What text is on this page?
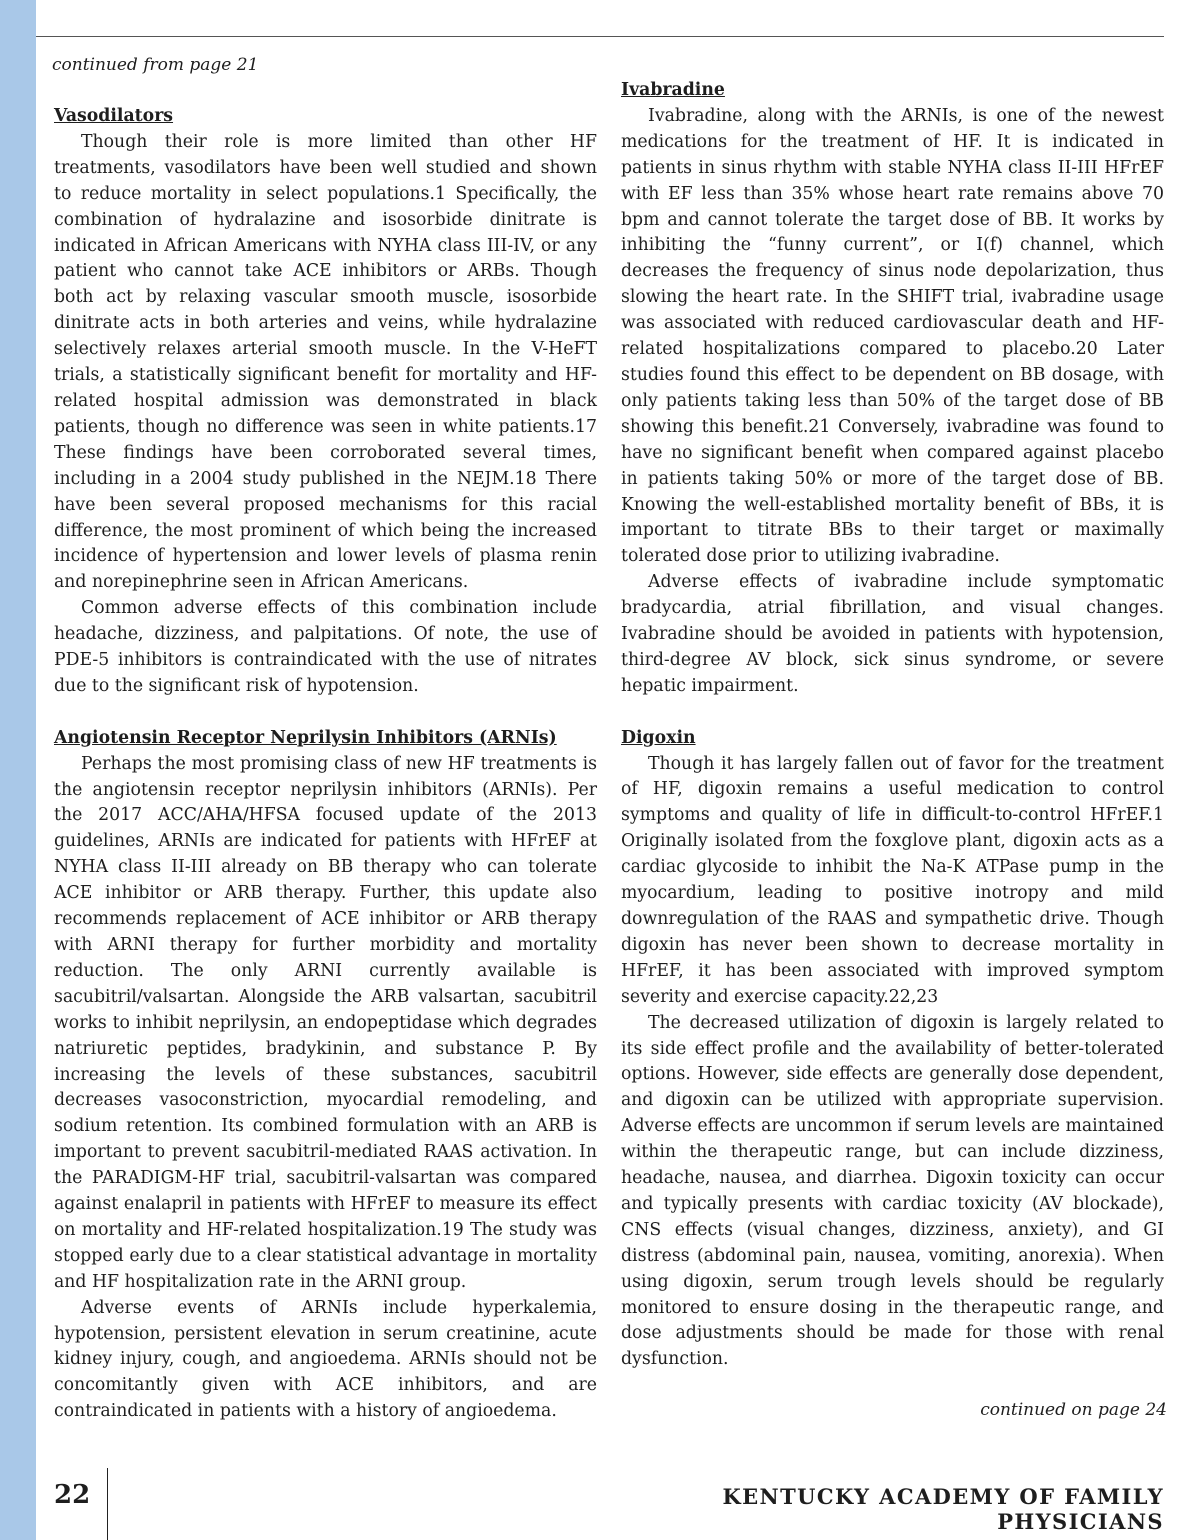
continued from page 21
Vasodilators

Though their role is more limited than other HF treatments, vasodilators have been well studied and shown to reduce mortality in select populations.1 Specifically, the combination of hydralazine and isosorbide dinitrate is indicated in African Americans with NYHA class III-IV, or any patient who cannot take ACE inhibitors or ARBs. Though both act by relaxing vascular smooth muscle, isosorbide dinitrate acts in both arteries and veins, while hydralazine selectively relaxes arterial smooth muscle. In the V-HeFT trials, a statistically significant benefit for mortality and HF-related hospital admission was demonstrated in black patients, though no difference was seen in white patients.17 These findings have been corroborated several times, including in a 2004 study published in the NEJM.18 There have been several proposed mechanisms for this racial difference, the most prominent of which being the increased incidence of hypertension and lower levels of plasma renin and norepinephrine seen in African Americans.

Common adverse effects of this combination include headache, dizziness, and palpitations. Of note, the use of PDE-5 inhibitors is contraindicated with the use of nitrates due to the significant risk of hypotension.

Angiotensin Receptor Neprilysin Inhibitors (ARNIs)

Perhaps the most promising class of new HF treatments is the angiotensin receptor neprilysin inhibitors (ARNIs). Per the 2017 ACC/AHA/HFSA focused update of the 2013 guidelines, ARNIs are indicated for patients with HFrEF at NYHA class II-III already on BB therapy who can tolerate ACE inhibitor or ARB therapy. Further, this update also recommends replacement of ACE inhibitor or ARB therapy with ARNI therapy for further morbidity and mortality reduction. The only ARNI currently available is sacubitril/valsartan. Alongside the ARB valsartan, sacubitril works to inhibit neprilysin, an endopeptidase which degrades natriuretic peptides, bradykinin, and substance P. By increasing the levels of these substances, sacubitril decreases vasoconstriction, myocardial remodeling, and sodium retention. Its combined formulation with an ARB is important to prevent sacubitril-mediated RAAS activation. In the PARADIGM-HF trial, sacubitril-valsartan was compared against enalapril in patients with HFrEF to measure its effect on mortality and HF-related hospitalization.19 The study was stopped early due to a clear statistical advantage in mortality and HF hospitalization rate in the ARNI group.

Adverse events of ARNIs include hyperkalemia, hypotension, persistent elevation in serum creatinine, acute kidney injury, cough, and angioedema. ARNIs should not be concomitantly given with ACE inhibitors, and are contraindicated in patients with a history of angioedema.

Ivabradine

Ivabradine, along with the ARNIs, is one of the newest medications for the treatment of HF. It is indicated in patients in sinus rhythm with stable NYHA class II-III HFrEF with EF less than 35% whose heart rate remains above 70 bpm and cannot tolerate the target dose of BB. It works by inhibiting the “funny current”, or I(f) channel, which decreases the frequency of sinus node depolarization, thus slowing the heart rate. In the SHIFT trial, ivabradine usage was associated with reduced cardiovascular death and HF-related hospitalizations compared to placebo.20 Later studies found this effect to be dependent on BB dosage, with only patients taking less than 50% of the target dose of BB showing this benefit.21 Conversely, ivabradine was found to have no significant benefit when compared against placebo in patients taking 50% or more of the target dose of BB. Knowing the well-established mortality benefit of BBs, it is important to titrate BBs to their target or maximally tolerated dose prior to utilizing ivabradine.

Adverse effects of ivabradine include symptomatic bradycardia, atrial fibrillation, and visual changes. Ivabradine should be avoided in patients with hypotension, third-degree AV block, sick sinus syndrome, or severe hepatic impairment.

Digoxin

Though it has largely fallen out of favor for the treatment of HF, digoxin remains a useful medication to control symptoms and quality of life in difficult-to-control HFrEF.1 Originally isolated from the foxglove plant, digoxin acts as a cardiac glycoside to inhibit the Na-K ATPase pump in the myocardium, leading to positive inotropy and mild downregulation of the RAAS and sympathetic drive. Though digoxin has never been shown to decrease mortality in HFrEF, it has been associated with improved symptom severity and exercise capacity.22,23

The decreased utilization of digoxin is largely related to its side effect profile and the availability of better-tolerated options. However, side effects are generally dose dependent, and digoxin can be utilized with appropriate supervision. Adverse effects are uncommon if serum levels are maintained within the therapeutic range, but can include dizziness, headache, nausea, and diarrhea. Digoxin toxicity can occur and typically presents with cardiac toxicity (AV blockade), CNS effects (visual changes, dizziness, anxiety), and GI distress (abdominal pain, nausea, vomiting, anorexia). When using digoxin, serum trough levels should be regularly monitored to ensure dosing in the therapeutic range, and dose adjustments should be made for those with renal dysfunction.

continued on page 24
22	KENTUCKY ACADEMY OF FAMILY PHYSICIANS
